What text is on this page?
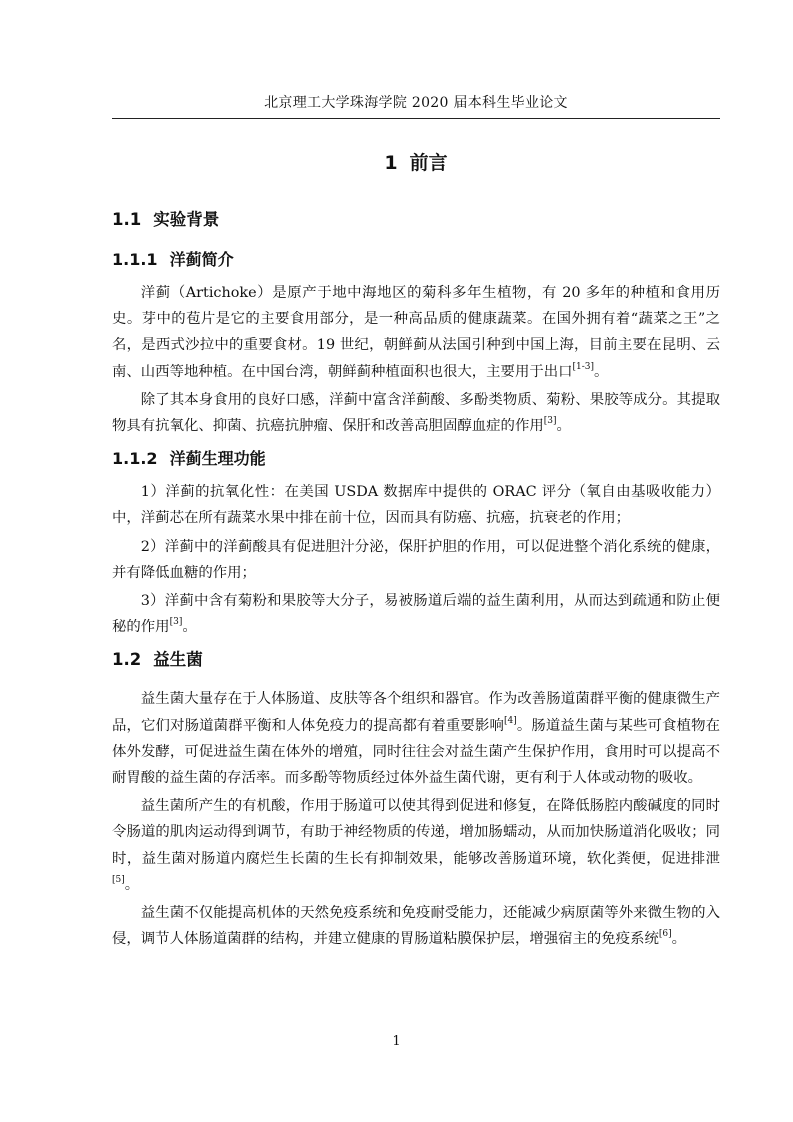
北京理工大学珠海学院 2020 届本科生毕业论文
1 前言
1.1 实验背景
1.1.1 洋蓟简介

洋蓟（Artichoke）是原产于地中海地区的菊科多年生植物，有 20 多年的种植和食用历史。芽中的苞片是它的主要食用部分，是一种高品质的健康蔬菜。在国外拥有着“蔬菜之王”之名，是西式沙拉中的重要食材。19 世纪，朝鲜蓟从法国引种到中国上海，目前主要在昆明、云南、山西等地种植。在中国台湾，朝鲜蓟种植面积也很大，主要用于出口[1-3]。

除了其本身食用的良好口感，洋蓟中富含洋蓟酸、多酚类物质、菊粉、果胶等成分。其提取物具有抗氧化、抑菌、抗癌抗肿瘤、保肝和改善高胆固醇血症的作用[3]。

1.1.2 洋蓟生理功能

1）洋蓟的抗氧化性：在美国 USDA 数据库中提供的 ORAC 评分（氧自由基吸收能力）中，洋蓟芯在所有蔬菜水果中排在前十位，因而具有防癌、抗癌，抗衰老的作用；

2）洋蓟中的洋蓟酸具有促进胆汁分泌，保肝护胆的作用，可以促进整个消化系统的健康，并有降低血糖的作用；

3）洋蓟中含有菊粉和果胶等大分子，易被肠道后端的益生菌利用，从而达到疏通和防止便秘的作用[3]。

1.2 益生菌

益生菌大量存在于人体肠道、皮肤等各个组织和器官。作为改善肠道菌群平衡的健康微生产品，它们对肠道菌群平衡和人体免疫力的提高都有着重要影响[4]。肠道益生菌与某些可食植物在体外发酵，可促进益生菌在体外的增殖，同时往往会对益生菌产生保护作用，食用时可以提高不耐胃酸的益生菌的存活率。而多酚等物质经过体外益生菌代谢，更有利于人体或动物的吸收。

益生菌所产生的有机酸，作用于肠道可以使其得到促进和修复，在降低肠腔内酸碱度的同时令肠道的肌肉运动得到调节，有助于神经物质的传递，增加肠蠕动，从而加快肠道消化吸收；同时，益生菌对肠道内腐烂生长菌的生长有抑制效果，能够改善肠道环境，软化粪便，促进排泄[5]。

益生菌不仅能提高机体的天然免疫系统和免疫耐受能力，还能减少病原菌等外来微生物的入侵，调节人体肠道菌群的结构，并建立健康的胃肠道粘膜保护层，增强宿主的免疫系统[6]。

1
